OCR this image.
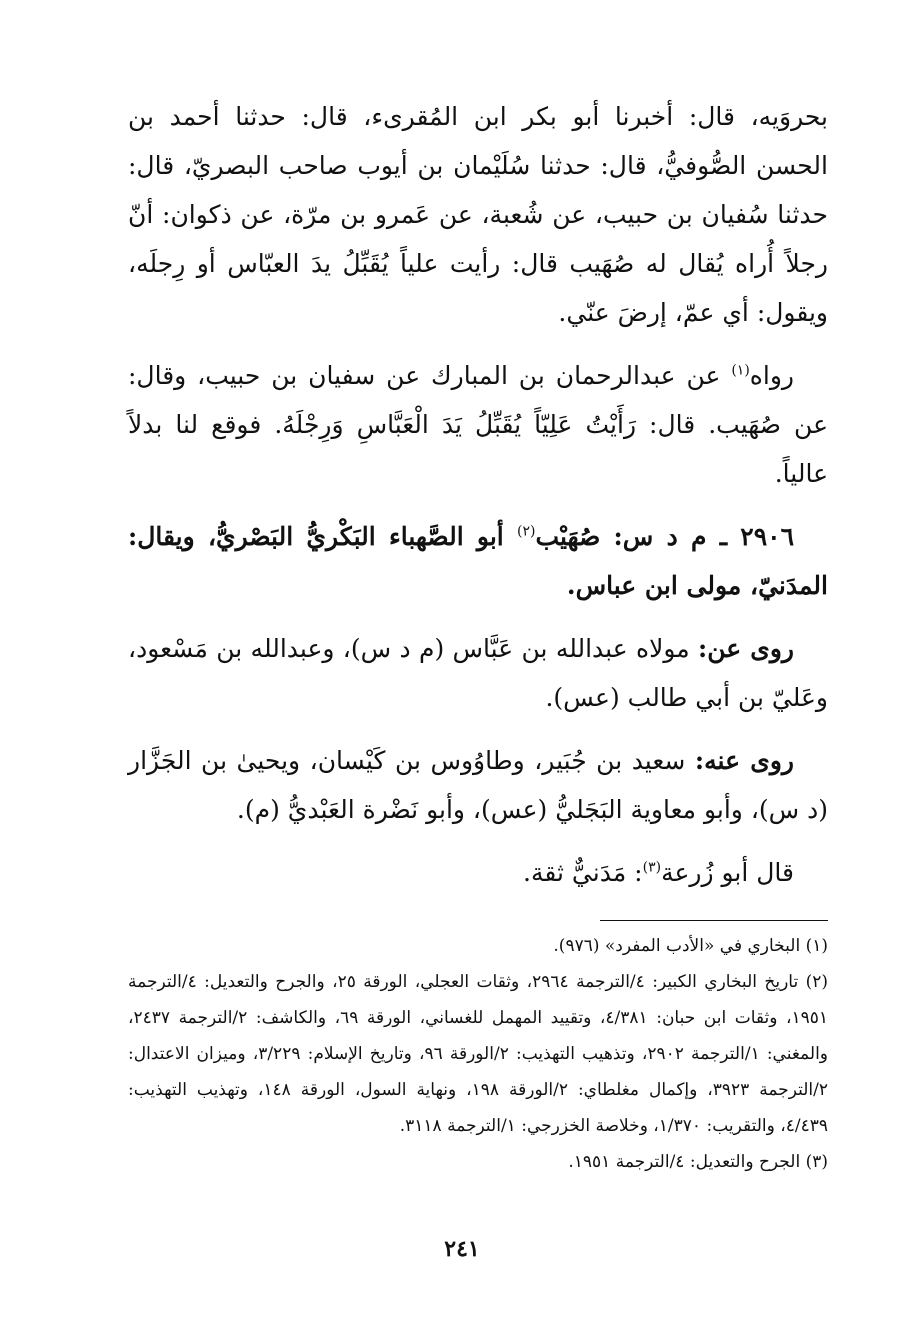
بحروَيه، قال: أخبرنا أبو بكر ابن المُقرىء، قال: حدثنا أحمد بن الحسن الصُّوفيُّ، قال: حدثنا سُلَيْمان بن أيوب صاحب البصريّ، قال: حدثنا سُفيان بن حبيب، عن شُعبة، عن عَمرو بن مرّة، عن ذكوان: أنّ رجلاً أُراه يُقال له صُهَيب قال: رأيت علياً يُقَبِّلُ يدَ العبّاس أو رِجلَه، ويقول: أي عمّ، إرضَ عنّي.

رواه$^{(١)}$ عن عبدالرحمان بن المبارك عن سفيان بن حبيب، وقال: عن صُهَيب. قال: رَأَيْتُ عَلِيّاً يُقَبِّلُ يَدَ الْعَبَّاسِ وَرِجْلَهُ. فوقع لنا بدلاً عالياً.

٢٩٠٦ ـ م د س: صُهَيْب$^{(٢)}$ أبو الصَّهباء البَكْريُّ البَصْريُّ، ويقال: المدَنيّ، مولى ابن عباس.

روى عن: مولاه عبدالله بن عَبَّاس (م د س)، وعبدالله بن مَسْعود، وعَليّ بن أبي طالب (عس).

روى عنه: سعيد بن جُبَير، وطاوُوس بن كَيْسان، ويحيىٰ بن الجَزَّار (د س)، وأبو معاوية البَجَليُّ (عس)، وأبو نَضْرة العَبْديُّ (م).

قال أبو زُرعة$^{(٣)}$: مَدَنيٌّ ثقة.

(١) البخاري في «الأدب المفرد» (٩٧٦).

(٢) تاريخ البخاري الكبير: ٤/الترجمة ٢٩٦٤، وثقات العجلي، الورقة ٢٥، والجرح والتعديل: ٤/الترجمة ١٩٥١، وثقات ابن حبان: ٤/٣٨١، وتقييد المهمل للغساني، الورقة ٦٩، والكاشف: ٢/الترجمة ٢٤٣٧، والمغني: ١/الترجمة ٢٩٠٢، وتذهيب التهذيب: ٢/الورقة ٩٦، وتاريخ الإسلام: ٣/٢٢٩، وميزان الاعتدال: ٢/الترجمة ٣٩٢٣، وإكمال مغلطاي: ٢/الورقة ١٩٨، ونهاية السول، الورقة ١٤٨، وتهذيب التهذيب: ٤/٤٣٩، والتقريب: ١/٣٧٠، وخلاصة الخزرجي: ١/الترجمة ٣١١٨.

(٣) الجرح والتعديل: ٤/الترجمة ١٩٥١.

٢٤١
